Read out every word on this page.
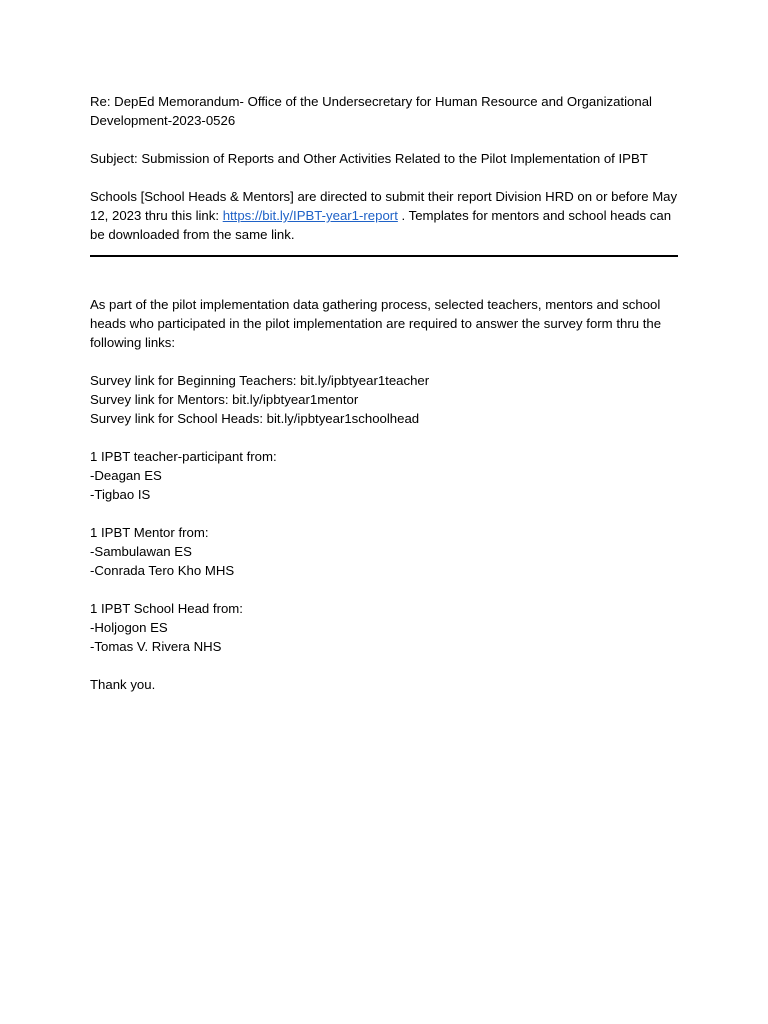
Re: DepEd Memorandum- Office of the Undersecretary for Human Resource and Organizational Development-2023-0526

Subject: Submission of Reports and Other Activities Related to the Pilot Implementation of IPBT

Schools [School Heads & Mentors] are directed to submit their report Division HRD on or before May 12, 2023 thru this link: https://bit.ly/IPBT-year1-report . Templates for mentors and school heads can be downloaded from the same link.

As part of the pilot implementation data gathering process, selected teachers, mentors and school heads who participated in the pilot implementation are required to answer the survey form thru the following links:

Survey link for Beginning Teachers: bit.ly/ipbtyear1teacher

Survey link for Mentors: bit.ly/ipbtyear1mentor

Survey link for School Heads: bit.ly/ipbtyear1schoolhead

1 IPBT teacher-participant from:

-Deagan ES

-Tigbao IS

1 IPBT Mentor from:

-Sambulawan ES

-Conrada Tero Kho MHS

1 IPBT School Head from:

-Holjogon ES

-Tomas V. Rivera NHS

Thank you.
